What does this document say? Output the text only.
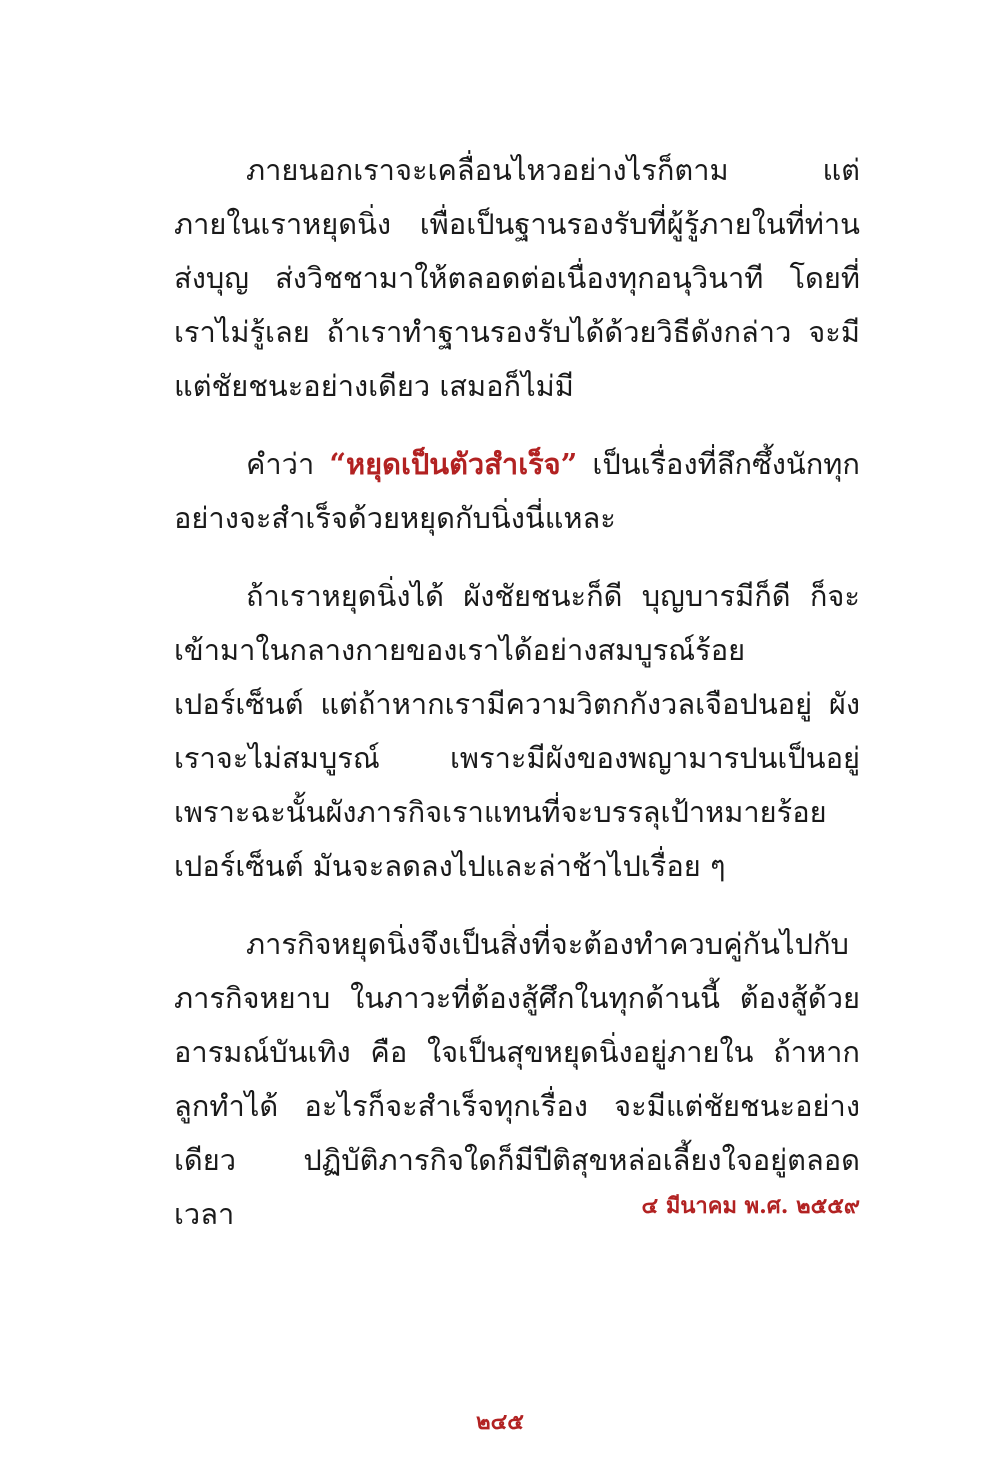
ภายนอกเราจะเคลื่อนไหวอย่างไรก็ตาม แต่ภายในเราหยุดนิ่ง เพื่อเป็นฐานรองรับที่ผู้รู้ภายในที่ท่านส่งบุญ ส่งวิชชามาให้ตลอดต่อเนื่องทุกอนุวินาที โดยที่เราไม่รู้เลย ถ้าเราทำฐานรองรับได้ด้วยวิธีดังกล่าว จะมีแต่ชัยชนะอย่างเดียว เสมอก็ไม่มี

คำว่า “หยุดเป็นตัวสำเร็จ” เป็นเรื่องที่ลึกซึ้งนักทุกอย่างจะสำเร็จด้วยหยุดกับนิ่งนี่แหละ

ถ้าเราหยุดนิ่งได้ ผังชัยชนะก็ดี บุญบารมีก็ดี ก็จะเข้ามาในกลางกายของเราได้อย่างสมบูรณ์ร้อยเปอร์เซ็นต์ แต่ถ้าหากเรามีความวิตกกังวลเจือปนอยู่ ผังเราจะไม่สมบูรณ์ เพราะมีผังของพญามารปนเป็นอยู่ เพราะฉะนั้นผังภารกิจเราแทนที่จะบรรลุเป้าหมายร้อยเปอร์เซ็นต์ มันจะลดลงไปและล่าช้าไปเรื่อย ๆ

ภารกิจหยุดนิ่งจึงเป็นสิ่งที่จะต้องทำควบคู่กันไปกับภารกิจหยาบ ในภาวะที่ต้องสู้ศึกในทุกด้านนี้ ต้องสู้ด้วยอารมณ์บันเทิง คือ ใจเป็นสุขหยุดนิ่งอยู่ภายใน ถ้าหากลูกทำได้ อะไรก็จะสำเร็จทุกเรื่อง จะมีแต่ชัยชนะอย่างเดียว ปฏิบัติภารกิจใดก็มีปีติสุขหล่อเลี้ยงใจอยู่ตลอดเวลา	๔ มีนาคม พ.ศ. ๒๕๕๙
๒๔๕
